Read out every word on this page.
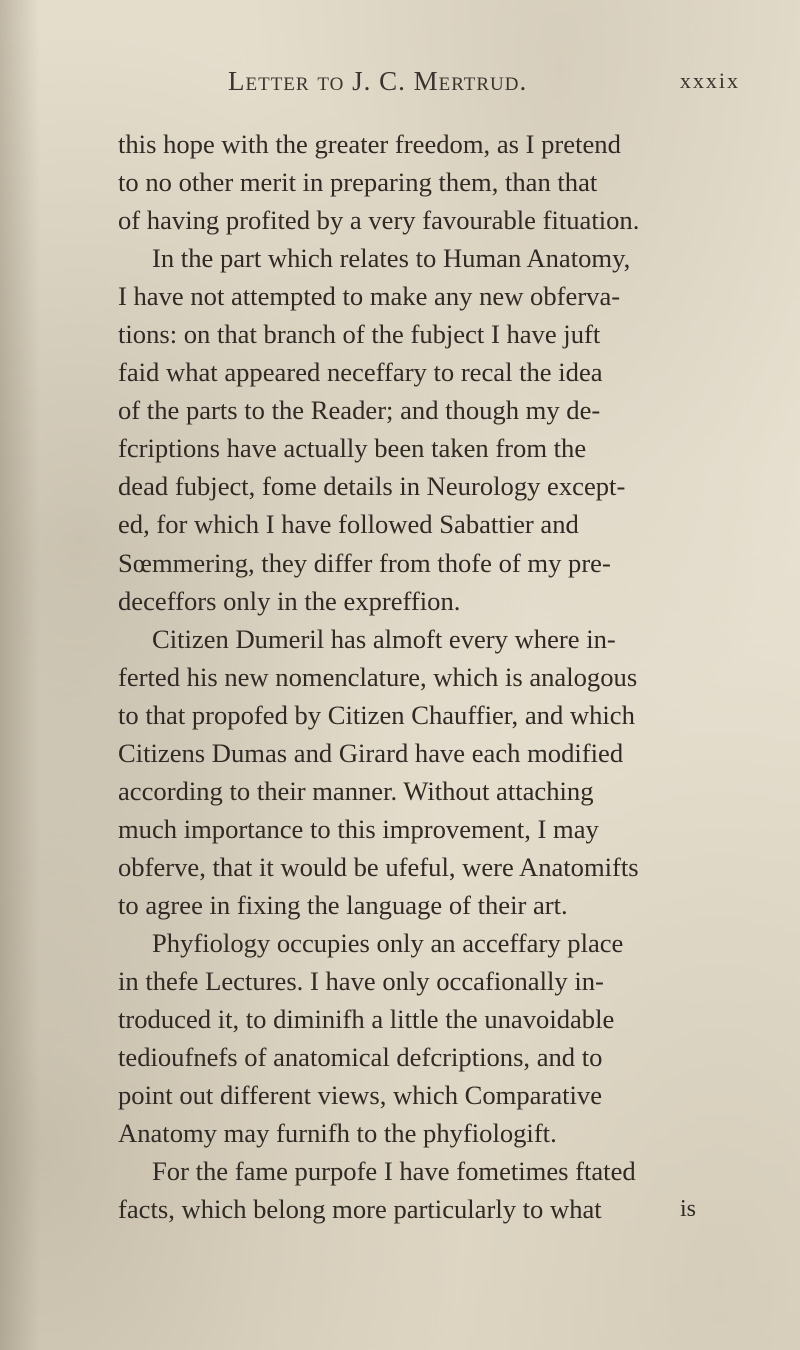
Letter to J. C. Mertrud.	xxxix
this hope with the greater freedom, as I pretend
to no other merit in preparing them, than that
of having profited by a very favourable fituation.
In the part which relates to Human Anatomy,
I have not attempted to make any new obferva-
tions: on that branch of the fubject I have juft
faid what appeared neceffary to recal the idea
of the parts to the Reader; and though my de-
fcriptions have actually been taken from the
dead fubject, fome details in Neurology except-
ed, for which I have followed Sabattier and
Sœmmering, they differ from thofe of my pre-
deceffors only in the expreffion.
Citizen Dumeril has almoft every where in-
ferted his new nomenclature, which is analogous
to that propofed by Citizen Chauffier, and which
Citizens Dumas and Girard have each modified
according to their manner. Without attaching
much importance to this improvement, I may
obferve, that it would be ufeful, were Anatomifts
to agree in fixing the language of their art.
Phyfiology occupies only an acceffary place
in thefe Lectures. I have only occafionally in-
troduced it, to diminifh a little the unavoidable
tedioufnefs of anatomical defcriptions, and to
point out different views, which Comparative
Anatomy may furnifh to the phyfiologift.
For the fame purpofe I have fometimes ftated
facts, which belong more particularly to what	is
